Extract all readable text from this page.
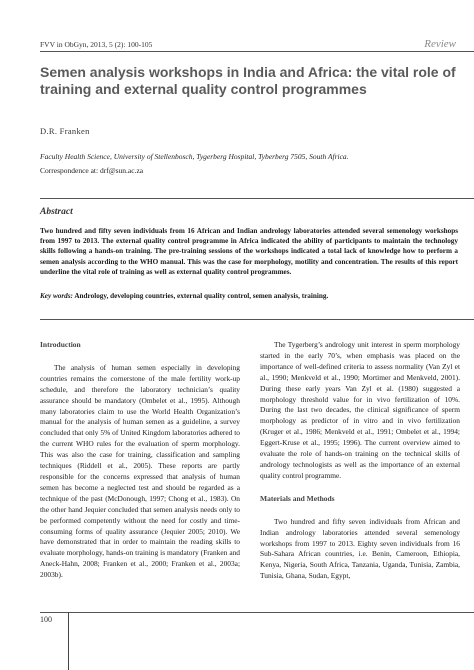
FVV in ObGyn, 2013, 5 (2): 100-105	Review
Semen analysis workshops in India and Africa: the vital role of training and external quality control programmes
D.R. Franken
Faculty Health Science, University of Stellenbosch, Tygerberg Hospital, Tyberberg 7505, South Africa.
Correspondence at: drf@sun.ac.za
Abstract

Two hundred and fifty seven individuals from 16 African and Indian andrology laboratories attended several semenology workshops from 1997 to 2013. The external quality control programme in Africa indicated the ability of participants to maintain the technology skills following a hands-on training. The pre-training sessions of the workshops indicated a total lack of knowledge how to perform a semen analysis according to the WHO manual. This was the case for morphology, motility and concentration. The results of this report underline the vital role of training as well as external quality control programmes.

Key words: Andrology, developing countries, external quality control, semen analysis, training.

Introduction

The analysis of human semen especially in developing countries remains the cornerstone of the male fertility work-up schedule, and therefore the laboratory technician’s quality assurance should be mandatory (Ombelet et al., 1995). Although many laboratories claim to use the World Health Organization’s manual for the analysis of human semen as a guideline, a survey concluded that only 5% of United Kingdom laboratories adhered to the current WHO rules for the evaluation of sperm morphology. This was also the case for training, classification and sampling techniques (Riddell et al., 2005). These reports are partly responsible for the concerns expressed that analysis of human semen has become a neglected test and should be regarded as a technique of the past (McDonough, 1997; Chong et al., 1983). On the other hand Jequier concluded that semen analysis needs only to be performed competently without the need for costly and time-consuming forms of quality assurance (Jequier 2005; 2010). We have demonstrated that in order to maintain the reading skills to evaluate morphology, hands-on training is mandatory (Franken and Aneck-Hahn, 2008; Franken et al., 2000; Franken et al., 2003a; 2003b).

The Tygerberg’s andrology unit interest in sperm morphology started in the early 70’s, when emphasis was placed on the importance of well-defined criteria to assess normality (Van Zyl et al., 1990; Menkveld et al., 1990; Mortimer and Menkveld, 2001). During these early years Van Zyl et al. (1980) suggested a morphology threshold value for in vivo fertilization of 10%. During the last two decades, the clinical significance of sperm morphology as predictor of in vitro and in vivo fertilization (Kruger et al., 1986; Menkveld et al., 1991; Ombelet et al., 1994; Eggert-Kruse et al., 1995; 1996). The current overview aimed to evaluate the role of hands-on training on the technical skills of andrology technologists as well as the importance of an external quality control programme.

Materials and Methods

Two hundred and fifty seven individuals from African and Indian andrology laboratories attended several semenology workshops from 1997 to 2013. Eighty seven individuals from 16 Sub-Sahara African countries, i.e. Benin, Cameroon, Ethiopia, Kenya, Nigeria, South Africa, Tanzania, Uganda, Tunisia, Zambia, Tunisia, Ghana, Sudan, Egypt,

100
